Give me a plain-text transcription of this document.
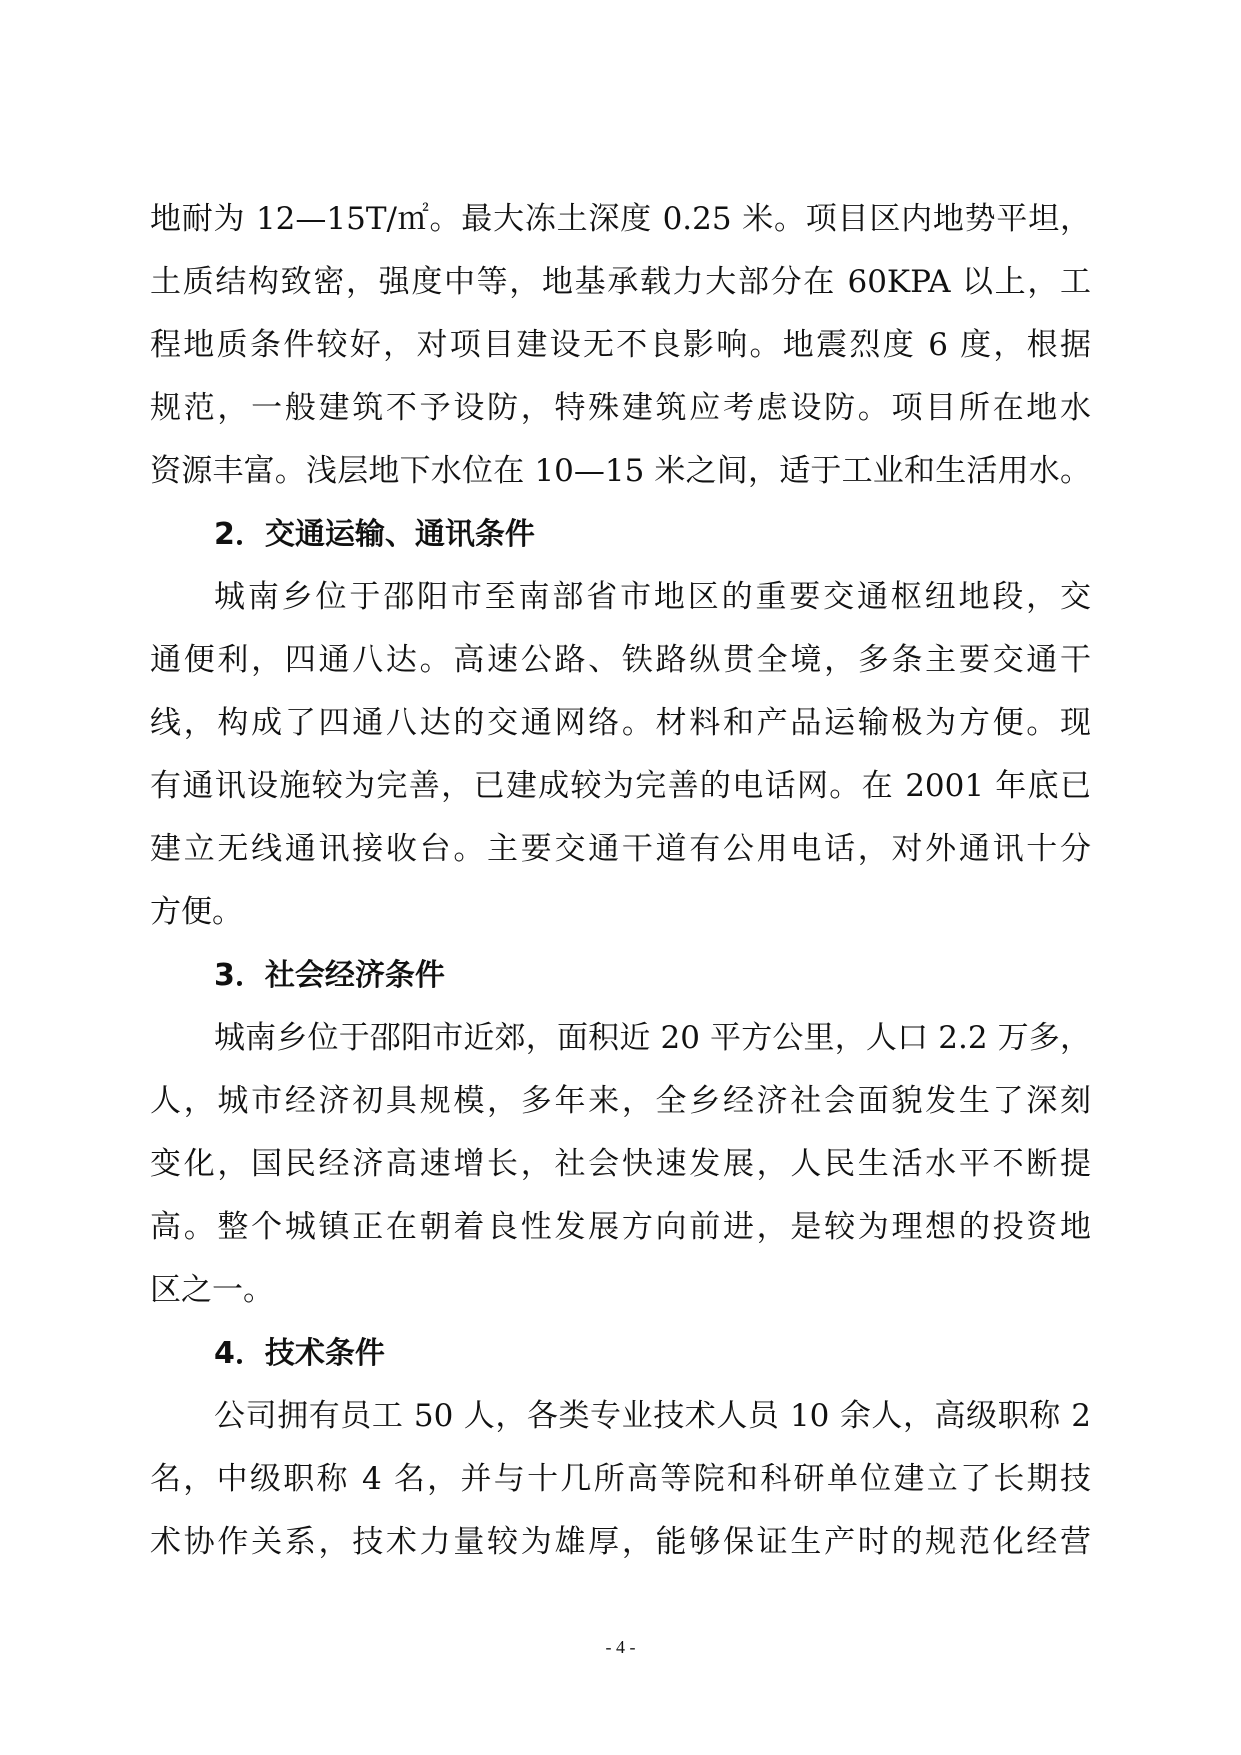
地耐为 12—15T/㎡。最大冻土深度 0.25 米。项目区内地势平坦，
土质结构致密，强度中等，地基承载力大部分在 60KPA 以上，工
程地质条件较好，对项目建设无不良影响。地震烈度 6 度，根据
规范，一般建筑不予设防，特殊建筑应考虑设防。项目所在地水
资源丰富。浅层地下水位在 10—15 米之间，适于工业和生活用水。
2．交通运输、通讯条件
城南乡位于邵阳市至南部省市地区的重要交通枢纽地段，交
通便利，四通八达。高速公路、铁路纵贯全境，多条主要交通干
线，构成了四通八达的交通网络。材料和产品运输极为方便。现
有通讯设施较为完善，已建成较为完善的电话网。在 2001 年底已
建立无线通讯接收台。主要交通干道有公用电话，对外通讯十分
方便。
3．社会经济条件
城南乡位于邵阳市近郊，面积近 20 平方公里，人口 2.2 万多，
人，城市经济初具规模，多年来，全乡经济社会面貌发生了深刻
变化，国民经济高速增长，社会快速发展，人民生活水平不断提
高。整个城镇正在朝着良性发展方向前进，是较为理想的投资地
区之一。
4．技术条件
公司拥有员工 50 人，各类专业技术人员 10 余人，高级职称 2
名，中级职称 4 名，并与十几所高等院和科研单位建立了长期技
术协作关系，技术力量较为雄厚，能够保证生产时的规范化经营
- 4 -
